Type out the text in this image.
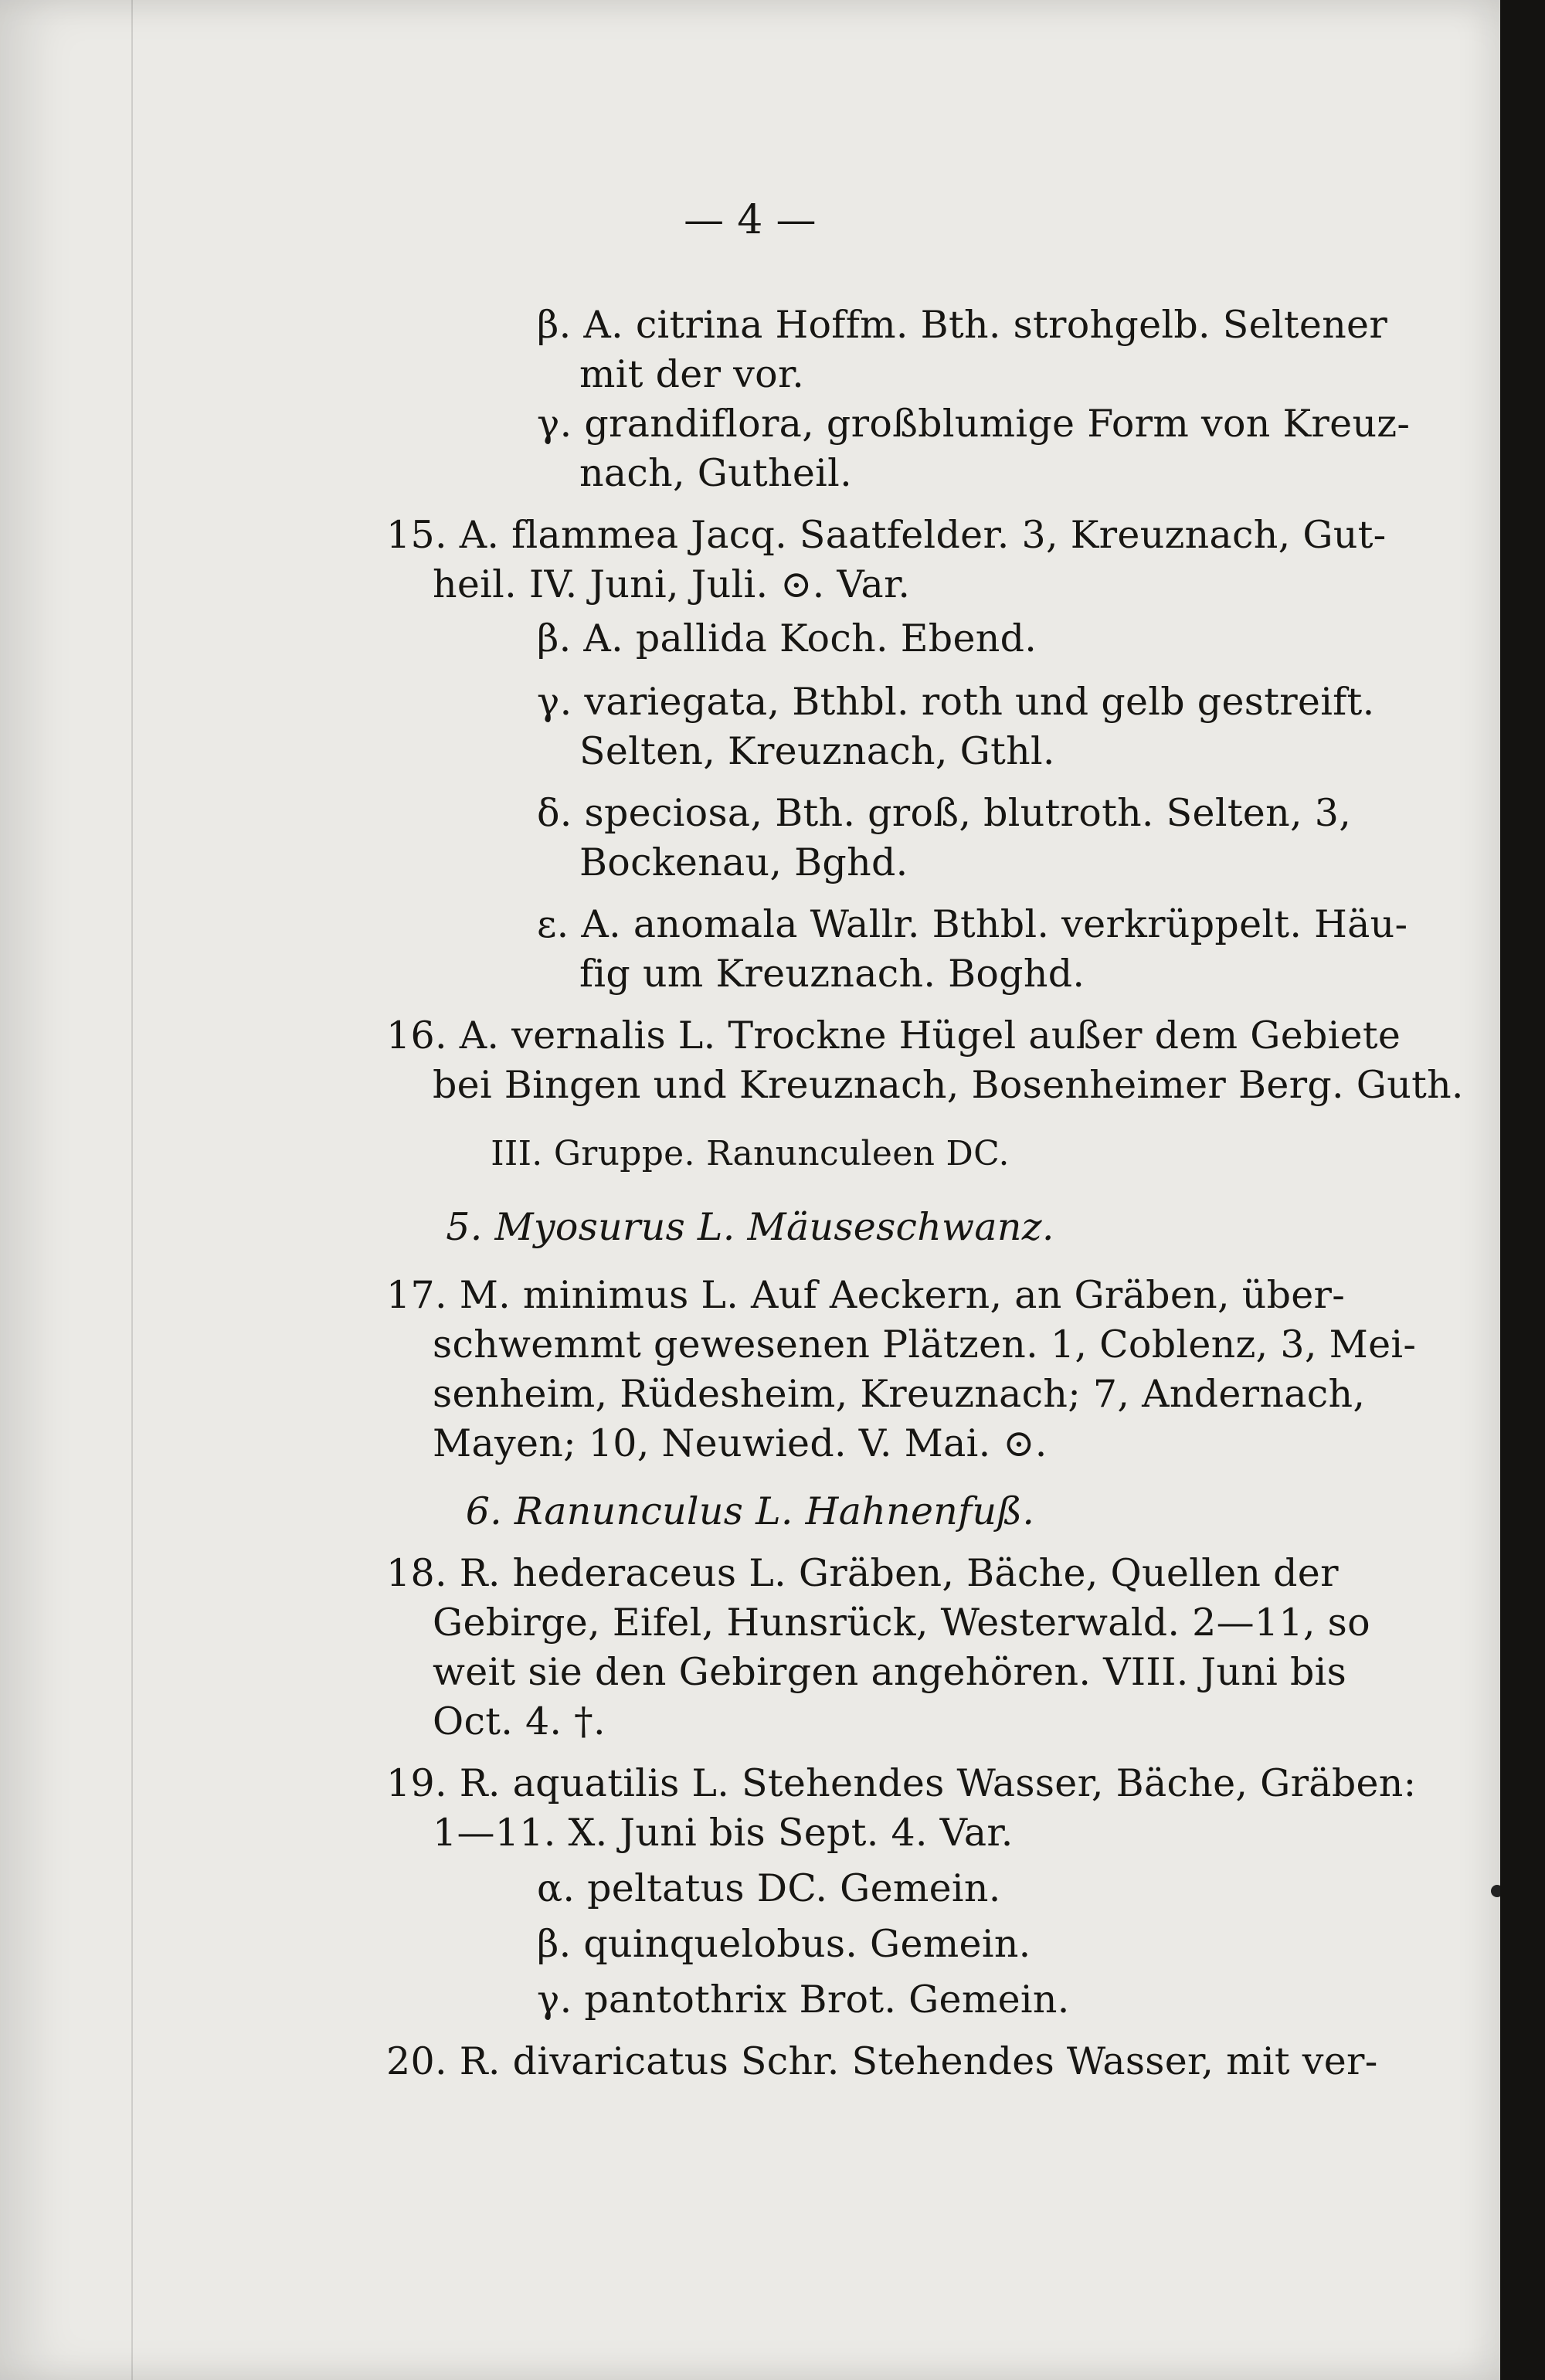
— 4 —
β. A. citrina Hoffm. Bth. strohgelb. Seltener
mit der vor.
γ. grandiflora, großblumige Form von Kreuz-
nach, Gutheil.
15. A. flammea Jacq. Saatfelder. 3, Kreuznach, Gut-
heil. IV. Juni, Juli. ⊙. Var.
β. A. pallida Koch. Ebend.
γ. variegata, Bthbl. roth und gelb gestreift.
Selten, Kreuznach, Gthl.
δ. speciosa, Bth. groß, blutroth. Selten, 3,
Bockenau, Bghd.
ε. A. anomala Wallr. Bthbl. verkrüppelt. Häu-
fig um Kreuznach. Boghd.
16. A. vernalis L. Trockne Hügel außer dem Gebiete
bei Bingen und Kreuznach, Bosenheimer Berg. Guth.
III. Gruppe. Ranunculeen DC.
5. Myosurus L. Mäuseschwanz.
17. M. minimus L. Auf Aeckern, an Gräben, über-
schwemmt gewesenen Plätzen. 1, Coblenz, 3, Mei-
senheim, Rüdesheim, Kreuznach; 7, Andernach,
Mayen; 10, Neuwied. V. Mai. ⊙.
6. Ranunculus L. Hahnenfuß.
18. R. hederaceus L. Gräben, Bäche, Quellen der
Gebirge, Eifel, Hunsrück, Westerwald. 2—11, so
weit sie den Gebirgen angehören. VIII. Juni bis
Oct. 4. †.
19. R. aquatilis L. Stehendes Wasser, Bäche, Gräben:
1—11. X. Juni bis Sept. 4. Var.
α. peltatus DC. Gemein.
β. quinquelobus. Gemein.
γ. pantothrix Brot. Gemein.
20. R. divaricatus Schr. Stehendes Wasser, mit ver-
